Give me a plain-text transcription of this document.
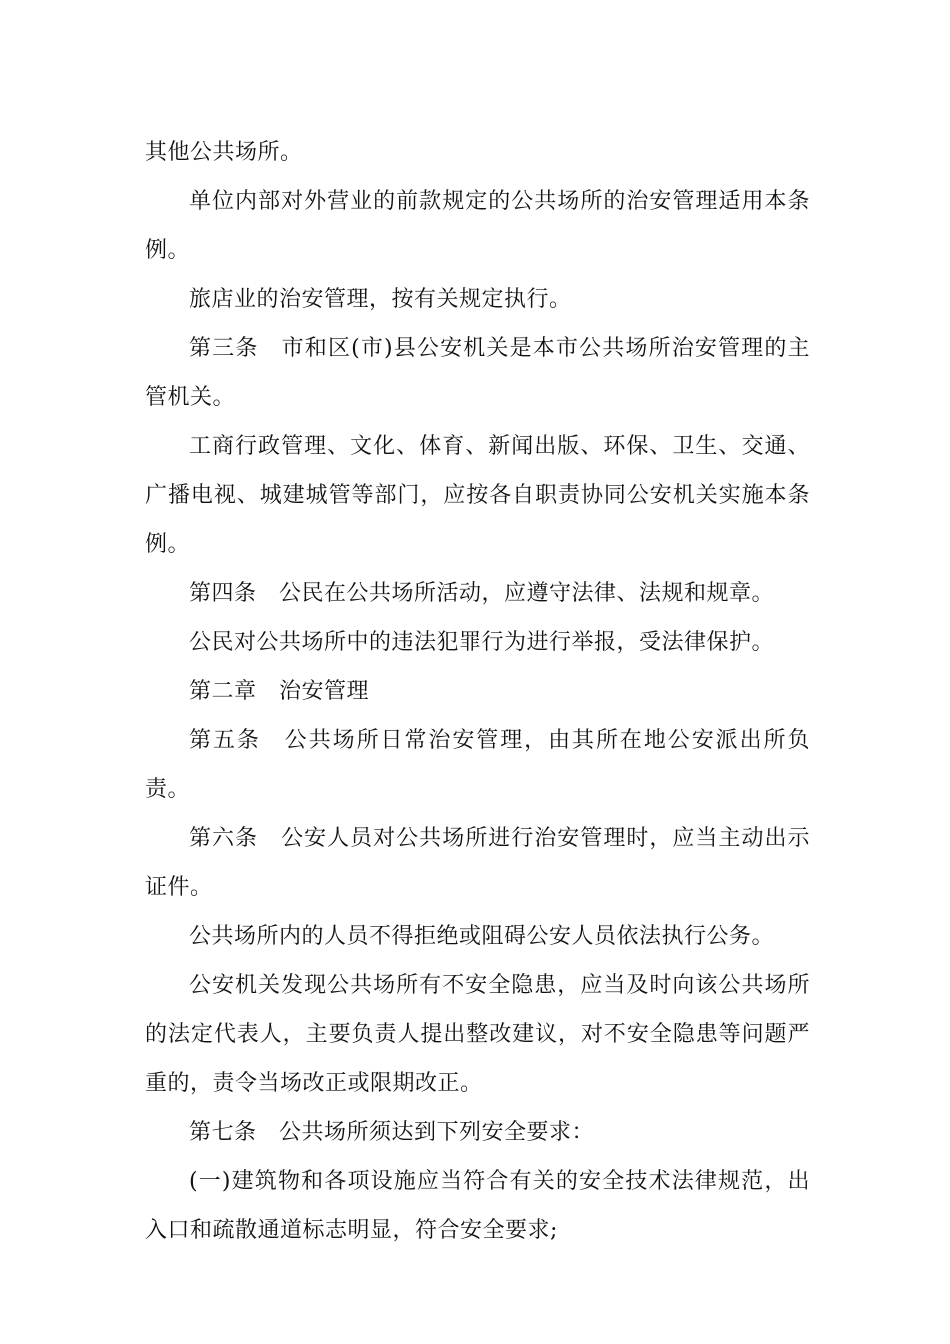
其他公共场所。

单位内部对外营业的前款规定的公共场所的治安管理适用本条例。

旅店业的治安管理，按有关规定执行。

第三条　市和区(市)县公安机关是本市公共场所治安管理的主管机关。

工商行政管理、文化、体育、新闻出版、环保、卫生、交通、广播电视、城建城管等部门，应按各自职责协同公安机关实施本条例。

第四条　公民在公共场所活动，应遵守法律、法规和规章。

公民对公共场所中的违法犯罪行为进行举报，受法律保护。

第二章　治安管理

第五条　公共场所日常治安管理，由其所在地公安派出所负责。

第六条　公安人员对公共场所进行治安管理时，应当主动出示证件。

公共场所内的人员不得拒绝或阻碍公安人员依法执行公务。

公安机关发现公共场所有不安全隐患，应当及时向该公共场所的法定代表人，主要负责人提出整改建议，对不安全隐患等问题严重的，责令当场改正或限期改正。

第七条　公共场所须达到下列安全要求：

(一)建筑物和各项设施应当符合有关的安全技术法律规范，出入口和疏散通道标志明显，符合安全要求;
